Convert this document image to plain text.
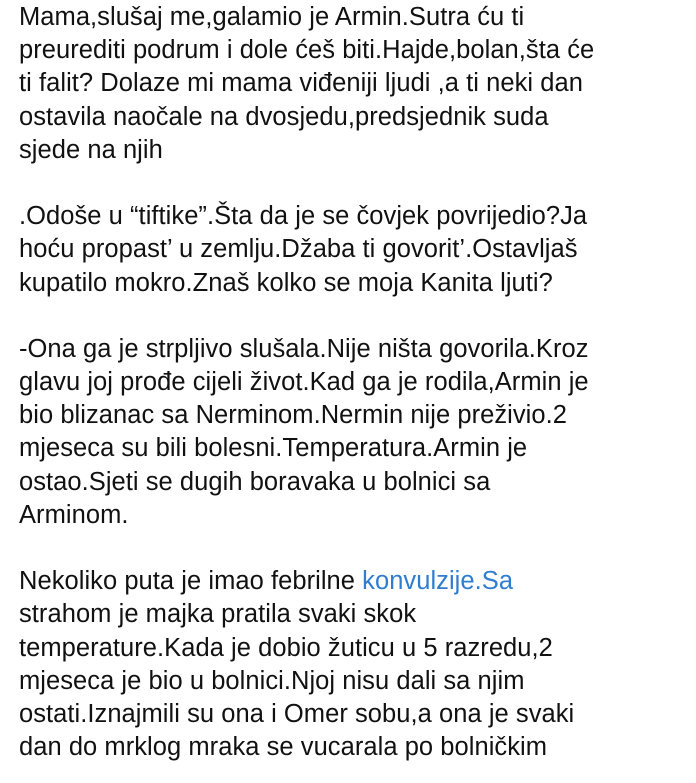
Mama,slušaj me,galamio je Armin.Sutra ću ti
preurediti podrum i dole ćeš biti.Hajde,bolan,šta će
ti falit? Dolaze mi mama viđeniji ljudi ,a ti neki dan
ostavila naočale na dvosjedu,predsjednik suda
sjede na njih
.Odoše u “tiftike”.Šta da je se čovjek povrijedio?Ja
hoću propast’ u zemlju.Džaba ti govorit’.Ostavljaš
kupatilo mokro.Znaš kolko se moja Kanita ljuti?
-Ona ga je strpljivo slušala.Nije ništa govorila.Kroz
glavu joj prođe cijeli život.Kad ga je rodila,Armin je
bio blizanac sa Nerminom.Nermin nije preživio.2
mjeseca su bili bolesni.Temperatura.Armin je
ostao.Sjeti se dugih boravaka u bolnici sa
Arminom.
Nekoliko puta je imao febrilne konvulzije.Sa
strahom je majka pratila svaki skok
temperature.Kada je dobio žuticu u 5 razredu,2
mjeseca je bio u bolnici.Njoj nisu dali sa njim
ostati.Iznajmili su ona i Omer sobu,a ona je svaki
dan do mrklog mraka se vucarala po bolničkim
